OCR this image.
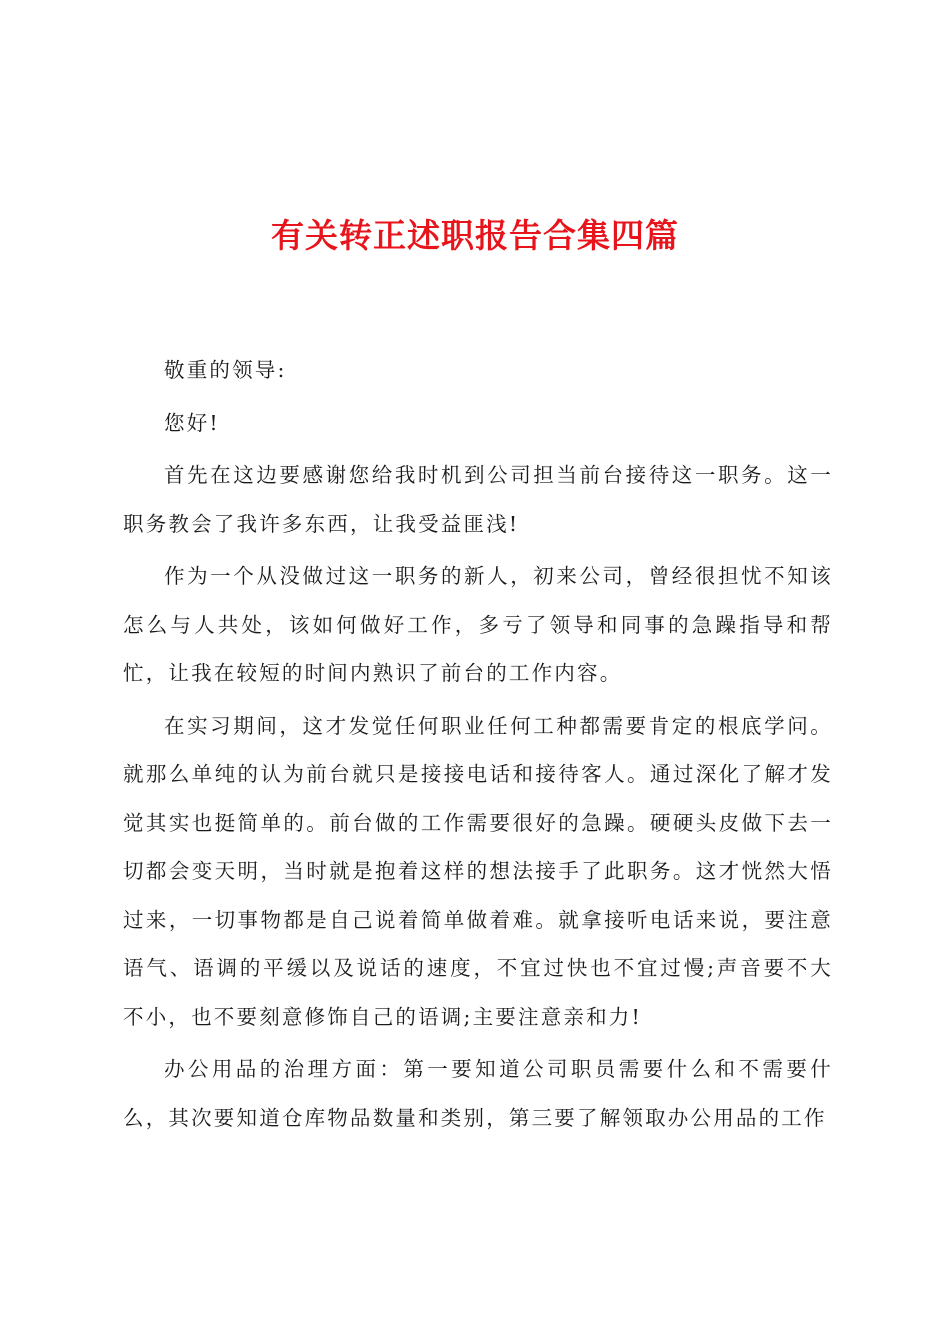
有关转正述职报告合集四篇

敬重的领导:

您好!

首先在这边要感谢您给我时机到公司担当前台接待这一职务。这一职务教会了我许多东西，让我受益匪浅!

作为一个从没做过这一职务的新人，初来公司，曾经很担忧不知该怎么与人共处，该如何做好工作，多亏了领导和同事的急躁指导和帮忙，让我在较短的时间内熟识了前台的工作内容。

在实习期间，这才发觉任何职业任何工种都需要肯定的根底学问。就那么单纯的认为前台就只是接接电话和接待客人。通过深化了解才发觉其实也挺简单的。前台做的工作需要很好的急躁。硬硬头皮做下去一切都会变天明，当时就是抱着这样的想法接手了此职务。这才恍然大悟过来，一切事物都是自己说着简单做着难。就拿接听电话来说，要注意语气、语调的平缓以及说话的速度，不宜过快也不宜过慢;声音要不大不小，也不要刻意修饰自己的语调;主要注意亲和力!

办公用品的治理方面：第一要知道公司职员需要什么和不需要什么，其次要知道仓库物品数量和类别，第三要了解领取办公用品的工作
